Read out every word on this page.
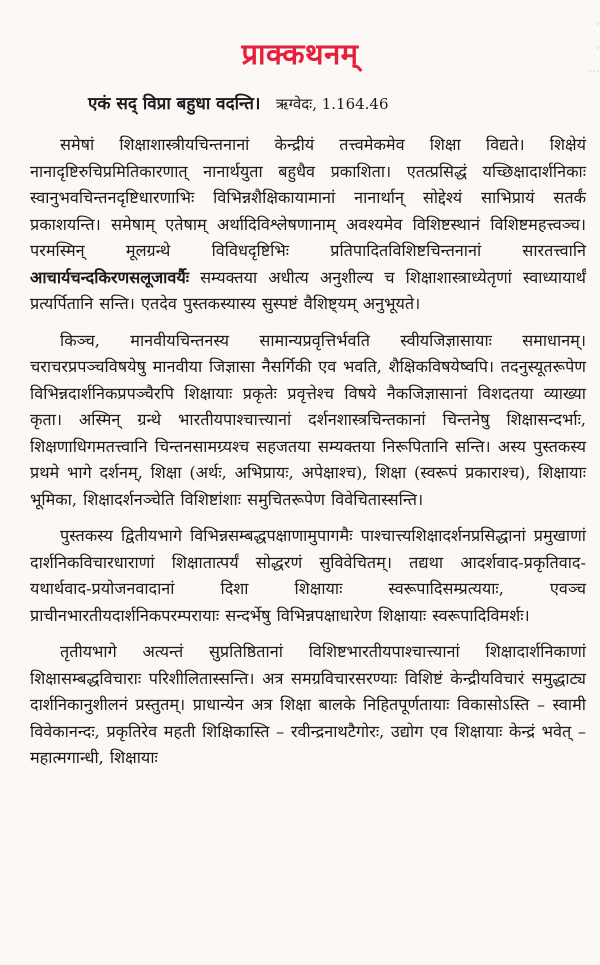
,
,
...
प्राक्कथनम्
एकं सद् विप्रा बहुधा वदन्ति। ऋग्वेदः, 1.164.46

समेषां शिक्षाशास्त्रीयचिन्तनानां केन्द्रीयं तत्त्वमेकमेव शिक्षा विद्यते। शिक्षेयं नानादृष्टिरुचिप्रमितिकारणात् नानार्थयुता बहुधैव प्रकाशिता। एतत्प्रसिद्धं यच्छिक्षादार्शनिकाः स्वानुभवचिन्तनदृष्टिधारणाभिः विभिन्नशैक्षिकायामानां नानार्थान् सोद्देश्यं साभिप्रायं सतर्कं प्रकाशयन्ति। समेषाम् एतेषाम् अर्थादिविश्लेषणानाम् अवश्यमेव विशिष्टस्थानं विशिष्टमहत्त्वञ्च। परमस्मिन् मूलग्रन्थे विविधदृष्टिभिः प्रतिपादितविशिष्टचिन्तनानां सारतत्त्वानि आचार्यचन्दकिरणसलूजावर्यैः सम्यक्तया अधीत्य अनुशील्य च शिक्षाशास्त्राध्येतृणां स्वाध्यायार्थं प्रत्यर्पितानि सन्ति। एतदेव पुस्तकस्यास्य सुस्पष्टं वैशिष्ट्यम् अनुभूयते।

किञ्च, मानवीयचिन्तनस्य सामान्यप्रवृत्तिर्भवति स्वीयजिज्ञासायाः समाधानम्। चराचरप्रपञ्चविषयेषु मानवीया जिज्ञासा नैसर्गिकी एव भवति, शैक्षिकविषयेष्वपि। तदनुस्यूतरूपेण विभिन्नदार्शनिकप्रपञ्चैरपि शिक्षायाः प्रकृतेः प्रवृत्तेश्च विषये नैकजिज्ञासानां विशदतया व्याख्या कृता। अस्मिन् ग्रन्थे भारतीयपाश्चात्त्यानां दर्शनशास्त्रचिन्तकानां चिन्तनेषु शिक्षासन्दर्भाः, शिक्षणाधिगमतत्त्वानि चिन्तनसामग्र्यश्च सहजतया सम्यक्तया निरूपितानि सन्ति। अस्य पुस्तकस्य प्रथमे भागे दर्शनम्, शिक्षा (अर्थः, अभिप्रायः, अपेक्षाश्च), शिक्षा (स्वरूपं प्रकाराश्च), शिक्षायाः भूमिका, शिक्षादर्शनञ्चेति विशिष्टांशाः समुचितरूपेण विवेचितास्सन्ति।

पुस्तकस्य द्वितीयभागे विभिन्नसम्बद्धपक्षाणामुपागमैः पाश्चात्त्यशिक्षादर्शनप्रसिद्धानां प्रमुखाणां दार्शनिकविचारधाराणां शिक्षातात्पर्यं सोद्धरणं सुविवेचितम्। तद्यथा आदर्शवाद-प्रकृतिवाद-यथार्थवाद-प्रयोजनवादानां दिशा शिक्षायाः स्वरूपादिसम्प्रत्ययाः, एवञ्च प्राचीनभारतीयदार्शनिकपरम्परायाः सन्दर्भेषु विभिन्नपक्षाधारेण शिक्षायाः स्वरूपादिविमर्शः।

तृतीयभागे अत्यन्तं सुप्रतिष्ठितानां विशिष्टभारतीयपाश्चात्त्यानां शिक्षादार्शनिकाणां शिक्षासम्बद्धविचाराः परिशीलितास्सन्ति। अत्र समग्रविचारसरण्याः विशिष्टं केन्द्रीयविचारं समुद्धाट्य दार्शनिकानुशीलनं प्रस्तुतम्। प्राधान्येन अत्र शिक्षा बालके निहितपूर्णतायाः विकासोऽस्ति – स्वामी विवेकानन्दः, प्रकृतिरेव महती शिक्षिकास्ति – रवीन्द्रनाथटैगोरः, उद्योग एव शिक्षायाः केन्द्रं भवेत् – महात्मगान्धी, शिक्षायाः
